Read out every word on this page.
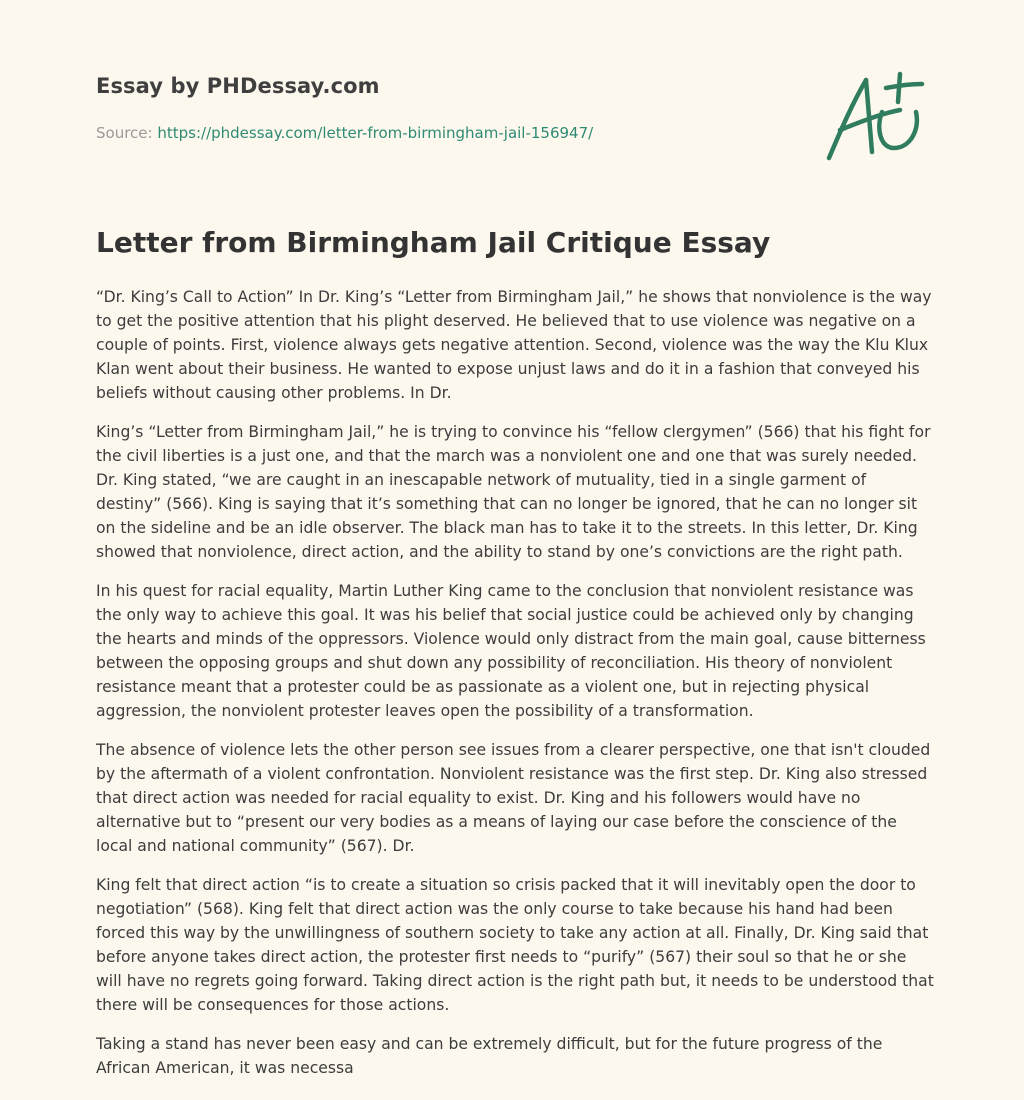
Essay by PHDessay.com
Source: https://phdessay.com/letter-from-birmingham-jail-156947/
Letter from Birmingham Jail Critique Essay

“Dr. King’s Call to Action” In Dr. King’s “Letter from Birmingham Jail,” he shows that nonviolence is the way to get the positive attention that his plight deserved. He believed that to use violence was negative on a couple of points. First, violence always gets negative attention. Second, violence was the way the Klu Klux Klan went about their business. He wanted to expose unjust laws and do it in a fashion that conveyed his beliefs without causing other problems. In Dr.

King’s “Letter from Birmingham Jail,” he is trying to convince his “fellow clergymen” (566) that his fight for the civil liberties is a just one, and that the march was a nonviolent one and one that was surely needed. Dr. King stated, “we are caught in an inescapable network of mutuality, tied in a single garment of destiny” (566). King is saying that it’s something that can no longer be ignored, that he can no longer sit on the sideline and be an idle observer. The black man has to take it to the streets. In this letter, Dr. King showed that nonviolence, direct action, and the ability to stand by one’s convictions are the right path.

In his quest for racial equality, Martin Luther King came to the conclusion that nonviolent resistance was the only way to achieve this goal. It was his belief that social justice could be achieved only by changing the hearts and minds of the oppressors. Violence would only distract from the main goal, cause bitterness between the opposing groups and shut down any possibility of reconciliation. His theory of nonviolent resistance meant that a protester could be as passionate as a violent one, but in rejecting physical aggression, the nonviolent protester leaves open the possibility of a transformation.

The absence of violence lets the other person see issues from a clearer perspective, one that isn't clouded by the aftermath of a violent confrontation. Nonviolent resistance was the first step. Dr. King also stressed that direct action was needed for racial equality to exist. Dr. King and his followers would have no alternative but to “present our very bodies as a means of laying our case before the conscience of the local and national community” (567). Dr.

King felt that direct action “is to create a situation so crisis packed that it will inevitably open the door to negotiation” (568). King felt that direct action was the only course to take because his hand had been forced this way by the unwillingness of southern society to take any action at all. Finally, Dr. King said that before anyone takes direct action, the protester first needs to “purify” (567) their soul so that he or she will have no regrets going forward. Taking direct action is the right path but, it needs to be understood that there will be consequences for those actions.

Taking a stand has never been easy and can be extremely difficult, but for the future progress of the African American, it was necessa
